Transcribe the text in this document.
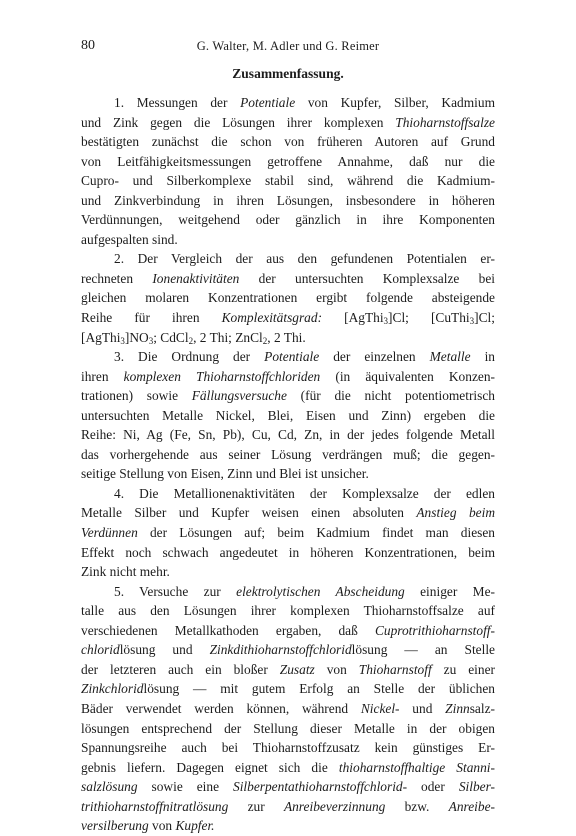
80	G. Walter, M. Adler und G. Reimer
Zusammenfassung.
1. Messungen der Potentiale von Kupfer, Silber, Kadmium
und Zink gegen die Lösungen ihrer komplexen Thioharnstoffsalze
bestätigten zunächst die schon von früheren Autoren auf Grund
von Leitfähigkeitsmessungen getroffene Annahme, daß nur die
Cupro- und Silberkomplexe stabil sind, während die Kadmium-
und Zinkverbindung in ihren Lösungen, insbesondere in höheren
Verdünnungen, weitgehend oder gänzlich in ihre Komponenten
aufgespalten sind.
2. Der Vergleich der aus den gefundenen Potentialen er-
rechneten Ionenaktivitäten der untersuchten Komplexsalze bei
gleichen molaren Konzentrationen ergibt folgende absteigende
Reihe für ihren Komplexitätsgrad: [AgThi$_3$]Cl; [CuThi$_3$]Cl;
$[AgThi_3]NO_3$; CdCl$_2$, 2 Thi; ZnCl$_2$, 2 Thi.
3. Die Ordnung der Potentiale der einzelnen Metalle in
ihren komplexen Thioharnstoffchloriden (in äquivalenten Konzen-
trationen) sowie Fällungsversuche (für die nicht potentiometrisch
untersuchten Metalle Nickel, Blei, Eisen und Zinn) ergeben die
Reihe: Ni, Ag (Fe, Sn, Pb), Cu, Cd, Zn, in der jedes folgende Metall
das vorhergehende aus seiner Lösung verdrängen muß; die gegen-
seitige Stellung von Eisen, Zinn und Blei ist unsicher.
4. Die Metallionenaktivitäten der Komplexsalze der edlen
Metalle Silber und Kupfer weisen einen absoluten Anstieg beim
Verdünnen der Lösungen auf; beim Kadmium findet man diesen
Effekt noch schwach angedeutet in höheren Konzentrationen, beim
Zink nicht mehr.
5. Versuche zur elektrolytischen Abscheidung einiger Me-
talle aus den Lösungen ihrer komplexen Thioharnstoffsalze auf
verschiedenen Metallkathoden ergaben, daß Cuprotrithioharnstoff-
chloridlösung und Zinkdithioharnstoffchloridlösung — an Stelle
der letzteren auch ein bloßer Zusatz von Thioharnstoff zu einer
Zinkchloridlösung — mit gutem Erfolg an Stelle der üblichen
Bäder verwendet werden können, während Nickel- und Zinnsalz-
lösungen entsprechend der Stellung dieser Metalle in der obigen
Spannungsreihe auch bei Thioharnstoffzusatz kein günstiges Er-
gebnis liefern. Dagegen eignet sich die thioharnstoffhaltige Stanni-
salzlösung sowie eine Silberpentathioharnstoffchlorid- oder Silber-
trithioharnstoffnitratlösung zur Anreibeverzinnung bzw. Anreibe-
versilberung von Kupfer.
